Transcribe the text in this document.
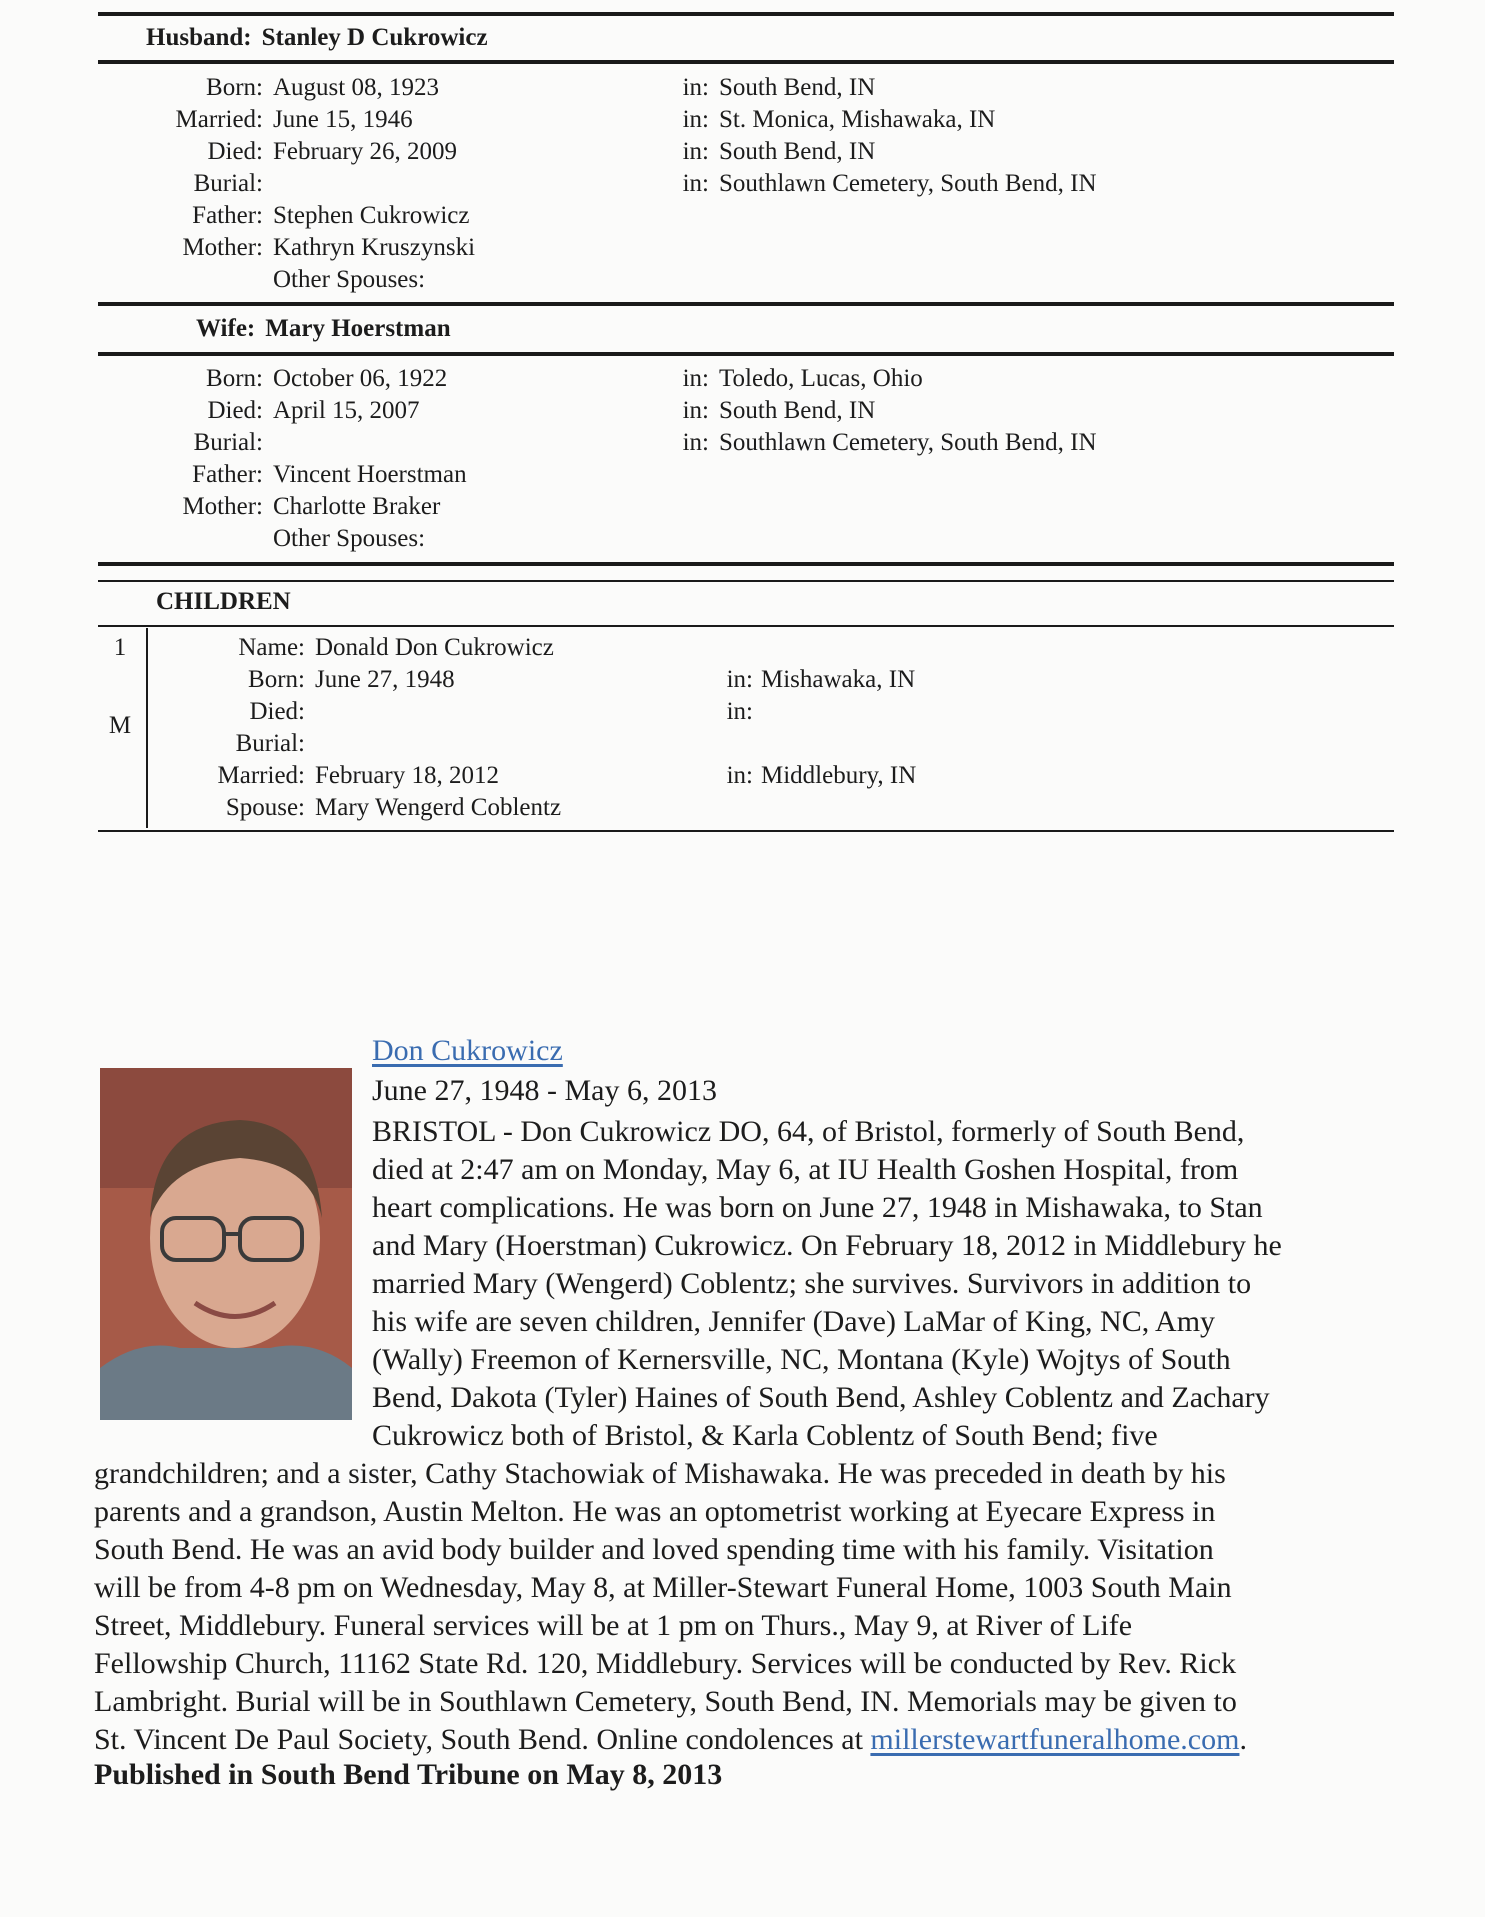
Husband: Stanley D Cukrowicz
Born: August 08, 1923	in: South Bend, IN
Married: June 15, 1946	in: St. Monica, Mishawaka, IN
Died: February 26, 2009	in: South Bend, IN
Burial:	in: Southlawn Cemetery, South Bend, IN
Father: Stephen Cukrowicz
Mother: Kathryn Kruszynski
Other Spouses:
Wife: Mary Hoerstman
Born: October 06, 1922	in: Toledo, Lucas, Ohio
Died: April 15, 2007	in: South Bend, IN
Burial:	in: Southlawn Cemetery, South Bend, IN
Father: Vincent Hoerstman
Mother: Charlotte Braker
Other Spouses:
CHILDREN
1
M
Name: Donald Don Cukrowicz
Born: June 27, 1948	in: Mishawaka, IN
Died:	in:
Burial:
Married: February 18, 2012	in: Middlebury, IN
Spouse: Mary Wengerd Coblentz
Don Cukrowicz
June 27, 1948 - May 6, 2013
BRISTOL - Don Cukrowicz DO, 64, of Bristol, formerly of South Bend,
died at 2:47 am on Monday, May 6, at IU Health Goshen Hospital, from
heart complications. He was born on June 27, 1948 in Mishawaka, to Stan
and Mary (Hoerstman) Cukrowicz. On February 18, 2012 in Middlebury he
married Mary (Wengerd) Coblentz; she survives. Survivors in addition to
his wife are seven children, Jennifer (Dave) LaMar of King, NC, Amy
(Wally) Freemon of Kernersville, NC, Montana (Kyle) Wojtys of South
Bend, Dakota (Tyler) Haines of South Bend, Ashley Coblentz and Zachary
Cukrowicz both of Bristol, & Karla Coblentz of South Bend; five
grandchildren; and a sister, Cathy Stachowiak of Mishawaka. He was preceded in death by his
parents and a grandson, Austin Melton. He was an optometrist working at Eyecare Express in
South Bend. He was an avid body builder and loved spending time with his family. Visitation
will be from 4-8 pm on Wednesday, May 8, at Miller-Stewart Funeral Home, 1003 South Main
Street, Middlebury. Funeral services will be at 1 pm on Thurs., May 9, at River of Life
Fellowship Church, 11162 State Rd. 120, Middlebury. Services will be conducted by Rev. Rick
Lambright. Burial will be in Southlawn Cemetery, South Bend, IN. Memorials may be given to
St. Vincent De Paul Society, South Bend. Online condolences at millerstewartfuneralhome.com.
Published in South Bend Tribune on May 8, 2013
